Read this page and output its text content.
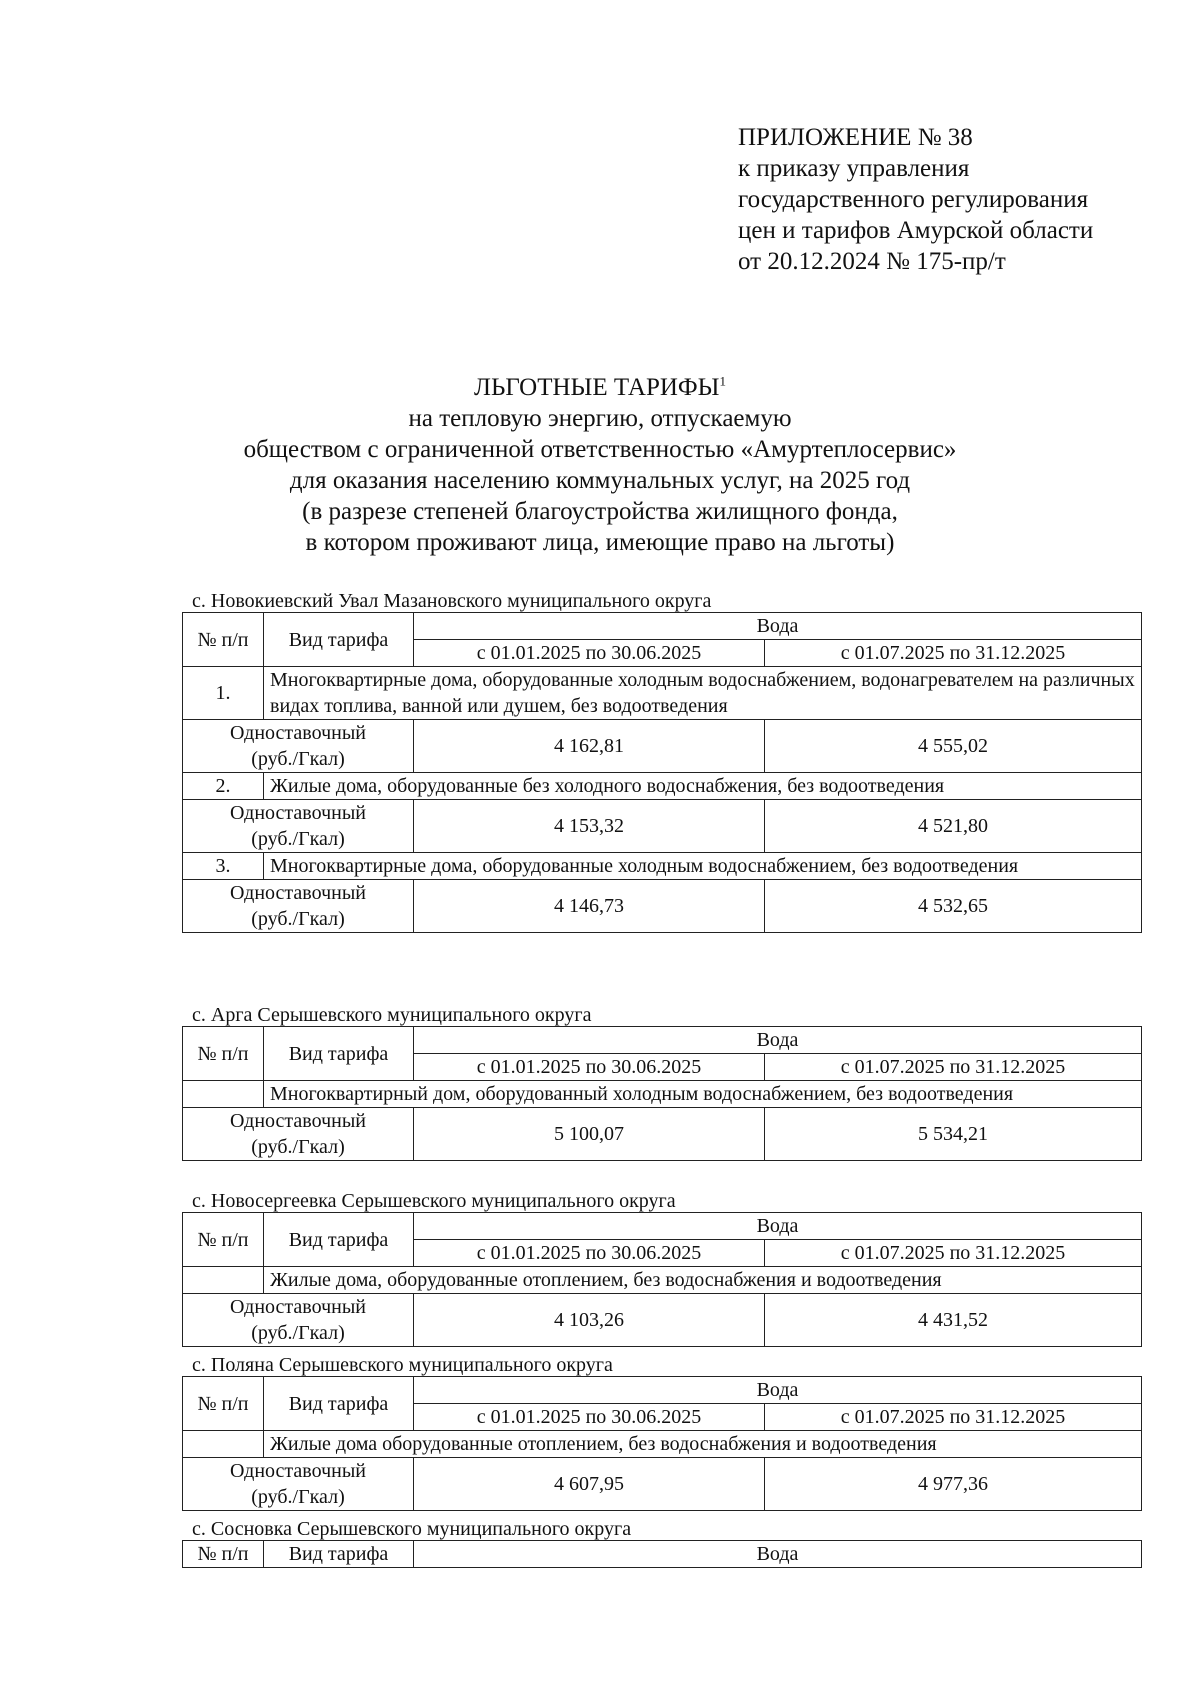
ПРИЛОЖЕНИЕ № 38
к приказу управления
государственного регулирования
цен и тарифов Амурской области
от 20.12.2024 № 175-пр/т
ЛЬГОТНЫЕ ТАРИФЫ$^1$
на тепловую энергию, отпускаемую
обществом с ограниченной ответственностью «Амуртеплосервис»
для оказания населению коммунальных услуг, на 2025 год
(в разрезе степеней благоустройства жилищного фонда,
в котором проживают лица, имеющие право на льготы)
с. Новокиевский Увал Мазановского муниципального округа
№ п/п	Вид тарифа	Вода	
		с 01.01.2025 по 30.06.2025	с 01.07.2025 по 31.12.2025
1.	Многоквартирные дома, оборудованные холодным водоснабжением, водонагревателем на различных видах топлива, ванной или душем, без водоотведения		
Одноставочный
(руб./Гкал)		4 162,81	4 555,02
2.	Жилые дома, оборудованные без холодного водоснабжения, без водоотведения		
Одноставочный
(руб./Гкал)		4 153,32	4 521,80
3.	Многоквартирные дома, оборудованные холодным водоснабжением, без водоотведения		
Одноставочный
(руб./Гкал)		4 146,73	4 532,65
с. Арга Серышевского муниципального округа
№ п/п	Вид тарифа	Вода	
		с 01.01.2025 по 30.06.2025	с 01.07.2025 по 31.12.2025
	Многоквартирный дом, оборудованный холодным водоснабжением, без водоотведения		
Одноставочный
(руб./Гкал)		5 100,07	5 534,21
с. Новосергеевка Серышевского муниципального округа
№ п/п	Вид тарифа	Вода	
		с 01.01.2025 по 30.06.2025	с 01.07.2025 по 31.12.2025
	Жилые дома, оборудованные отоплением, без водоснабжения и водоотведения		
Одноставочный
(руб./Гкал)		4 103,26	4 431,52
с. Поляна Серышевского муниципального округа
№ п/п	Вид тарифа	Вода	
		с 01.01.2025 по 30.06.2025	с 01.07.2025 по 31.12.2025
	Жилые дома оборудованные отоплением, без водоснабжения и водоотведения		
Одноставочный
(руб./Гкал)		4 607,95	4 977,36
с. Сосновка Серышевского муниципального округа
№ п/п	Вид тарифа	Вода
